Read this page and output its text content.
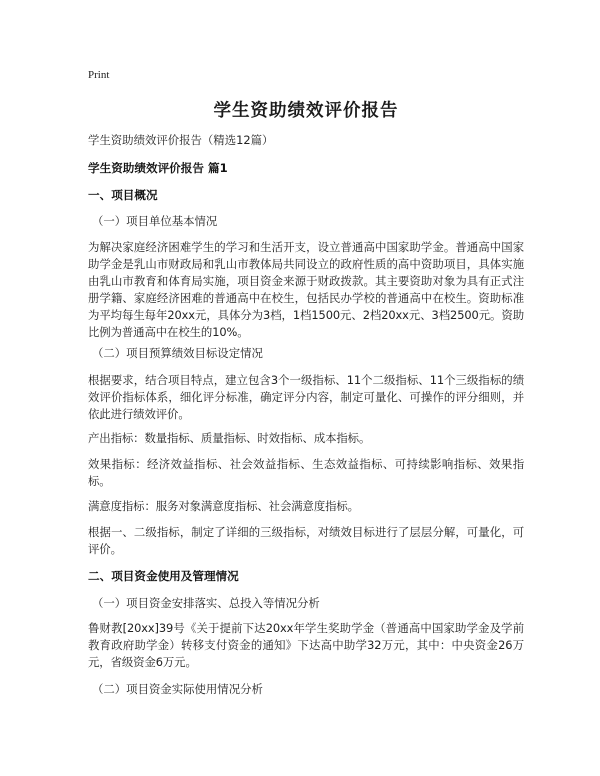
Print
学生资助绩效评价报告
学生资助绩效评价报告（精选12篇）
学生资助绩效评价报告 篇1
一、项目概况
（一）项目单位基本情况
为解决家庭经济困难学生的学习和生活开支，设立普通高中国家助学金。普通高中国家助学金是乳山市财政局和乳山市教体局共同设立的政府性质的高中资助项目，具体实施由乳山市教育和体育局实施，项目资金来源于财政拨款。其主要资助对象为具有正式注册学籍、家庭经济困难的普通高中在校生，包括民办学校的普通高中在校生。资助标准为平均每生每年20xx元，具体分为3档，1档1500元、2档20xx元、3档2500元。资助比例为普通高中在校生的10%。
（二）项目预算绩效目标设定情况
根据要求，结合项目特点，建立包含3个一级指标、11个二级指标、11个三级指标的绩效评价指标体系，细化评分标准，确定评分内容，制定可量化、可操作的评分细则，并依此进行绩效评价。
产出指标：数量指标、质量指标、时效指标、成本指标。
效果指标：经济效益指标、社会效益指标、生态效益指标、可持续影响指标、效果指标。
满意度指标：服务对象满意度指标、社会满意度指标。
根据一、二级指标，制定了详细的三级指标，对绩效目标进行了层层分解，可量化，可评价。
二、项目资金使用及管理情况
（一）项目资金安排落实、总投入等情况分析
鲁财教[20xx]39号《关于提前下达20xx年学生奖助学金（普通高中国家助学金及学前教育政府助学金）转移支付资金的通知》下达高中助学32万元，其中：中央资金26万元，省级资金6万元。
（二）项目资金实际使用情况分析
